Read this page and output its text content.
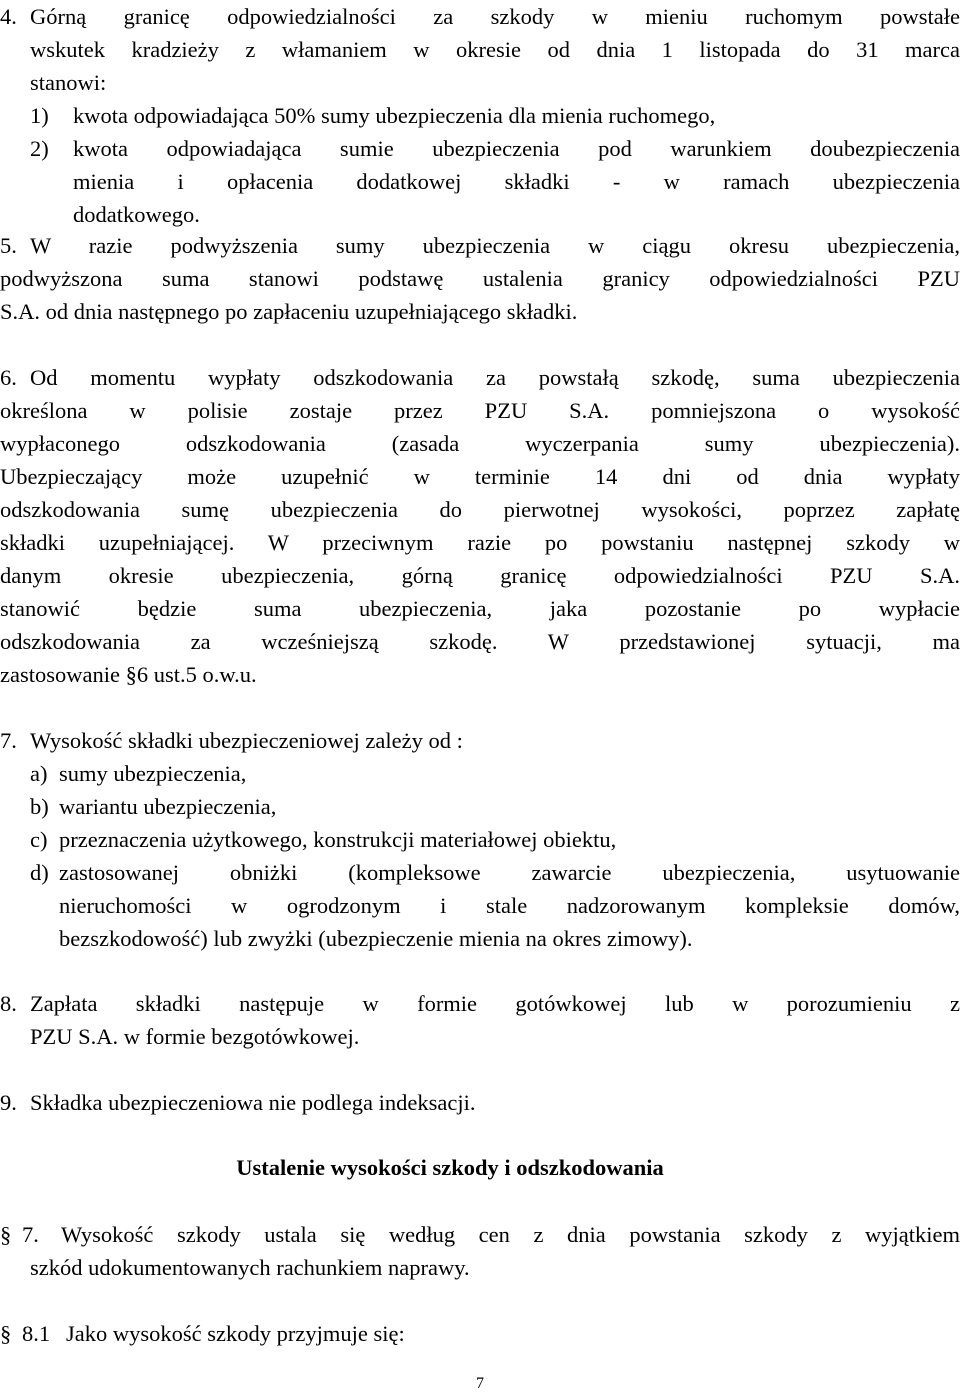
4. Górną granicę odpowiedzialności za szkody w mieniu ruchomym powstałe
wskutek kradzieży z włamaniem w okresie od dnia 1 listopada do 31 marca
stanowi:
1) kwota odpowiadająca 50% sumy ubezpieczenia dla mienia ruchomego,
2) kwota odpowiadająca sumie ubezpieczenia pod warunkiem doubezpieczenia
mienia i opłacenia dodatkowej składki - w ramach ubezpieczenia
dodatkowego.
5. W razie podwyższenia sumy ubezpieczenia w ciągu okresu ubezpieczenia,
podwyższona suma stanowi podstawę ustalenia granicy odpowiedzialności PZU
S.A. od dnia następnego po zapłaceniu uzupełniającego składki.
6. Od momentu wypłaty odszkodowania za powstałą szkodę, suma ubezpieczenia
określona w polisie zostaje przez PZU S.A. pomniejszona o wysokość
wypłaconego odszkodowania (zasada wyczerpania sumy ubezpieczenia).
Ubezpieczający może uzupełnić w terminie 14 dni od dnia wypłaty
odszkodowania sumę ubezpieczenia do pierwotnej wysokości, poprzez zapłatę
składki uzupełniającej. W przeciwnym razie po powstaniu następnej szkody w
danym okresie ubezpieczenia, górną granicę odpowiedzialności PZU S.A.
stanowić będzie suma ubezpieczenia, jaka pozostanie po wypłacie
odszkodowania za wcześniejszą szkodę. W przedstawionej sytuacji, ma
zastosowanie §6 ust.5 o.w.u.
7. Wysokość składki ubezpieczeniowej zależy od :
a) sumy ubezpieczenia,
b) wariantu ubezpieczenia,
c) przeznaczenia użytkowego, konstrukcji materiałowej obiektu,
d) zastosowanej obniżki (kompleksowe zawarcie ubezpieczenia, usytuowanie
nieruchomości w ogrodzonym i stale nadzorowanym kompleksie domów,
bezszkodowość) lub zwyżki (ubezpieczenie mienia na okres zimowy).
8. Zapłata składki następuje w formie gotówkowej lub w porozumieniu z
PZU S.A. w formie bezgotówkowej.
9. Składka ubezpieczeniowa nie podlega indeksacji.
Ustalenie wysokości szkody i odszkodowania
§ 7. Wysokość szkody ustala się według cen z dnia powstania szkody z wyjątkiem
szkód udokumentowanych rachunkiem naprawy.
§ 8.1 Jako wysokość szkody przyjmuje się:
7
